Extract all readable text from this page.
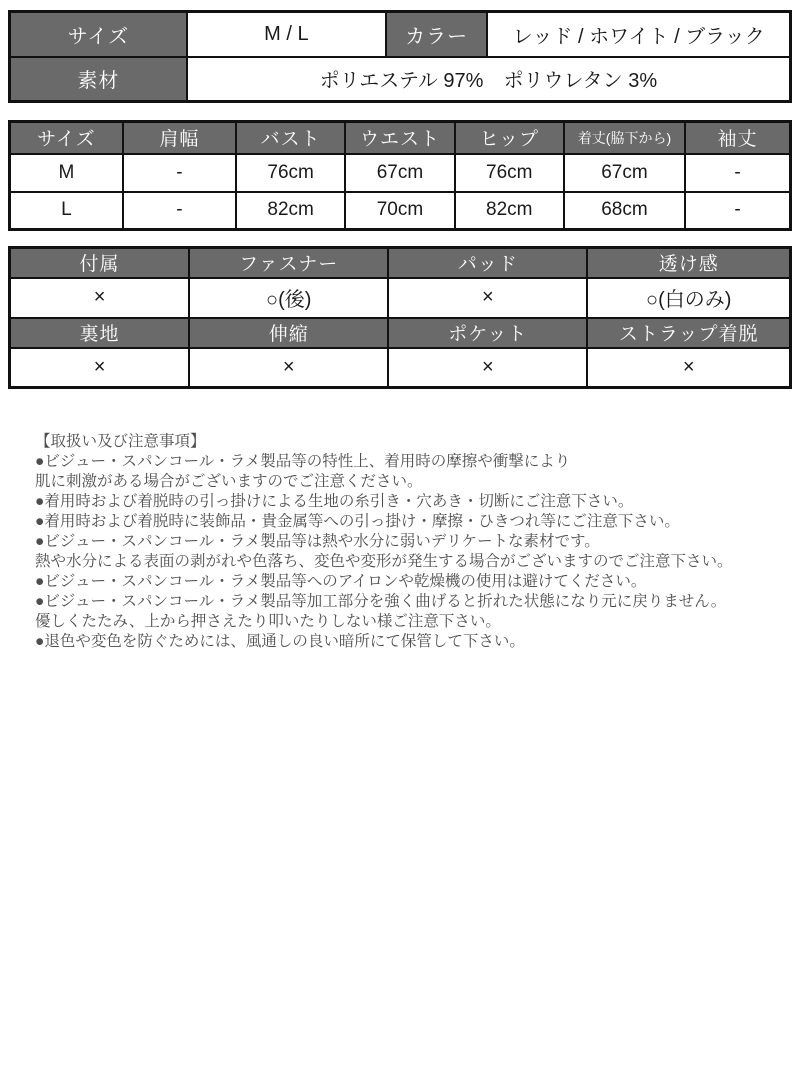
サイズ	M / L	カラー	レッド / ホワイト / ブラック
素材	ポリエステル 97%　ポリウレタン 3%		
サイズ	肩幅	バスト	ウエスト	ヒップ	着丈(脇下から)	袖丈
M	-	76cm	67cm	76cm	67cm	-
L	-	82cm	70cm	82cm	68cm	-
付属	ファスナー	パッド	透け感
×	○(後)	×	○(白のみ)
裏地	伸縮	ポケット	ストラップ着脱
×	×	×	×
【取扱い及び注意事項】
●ビジュー・スパンコール・ラメ製品等の特性上、着用時の摩擦や衝撃により
肌に刺激がある場合がございますのでご注意ください。
●着用時および着脱時の引っ掛けによる生地の糸引き・穴あき・切断にご注意下さい。
●着用時および着脱時に装飾品・貴金属等への引っ掛け・摩擦・ひきつれ等にご注意下さい。
●ビジュー・スパンコール・ラメ製品等は熱や水分に弱いデリケートな素材です。
熱や水分による表面の剥がれや色落ち、変色や変形が発生する場合がございますのでご注意下さい。
●ビジュー・スパンコール・ラメ製品等へのアイロンや乾燥機の使用は避けてください。
●ビジュー・スパンコール・ラメ製品等加工部分を強く曲げると折れた状態になり元に戻りません。
優しくたたみ、上から押さえたり叩いたりしない様ご注意下さい。
●退色や変色を防ぐためには、風通しの良い暗所にて保管して下さい。
